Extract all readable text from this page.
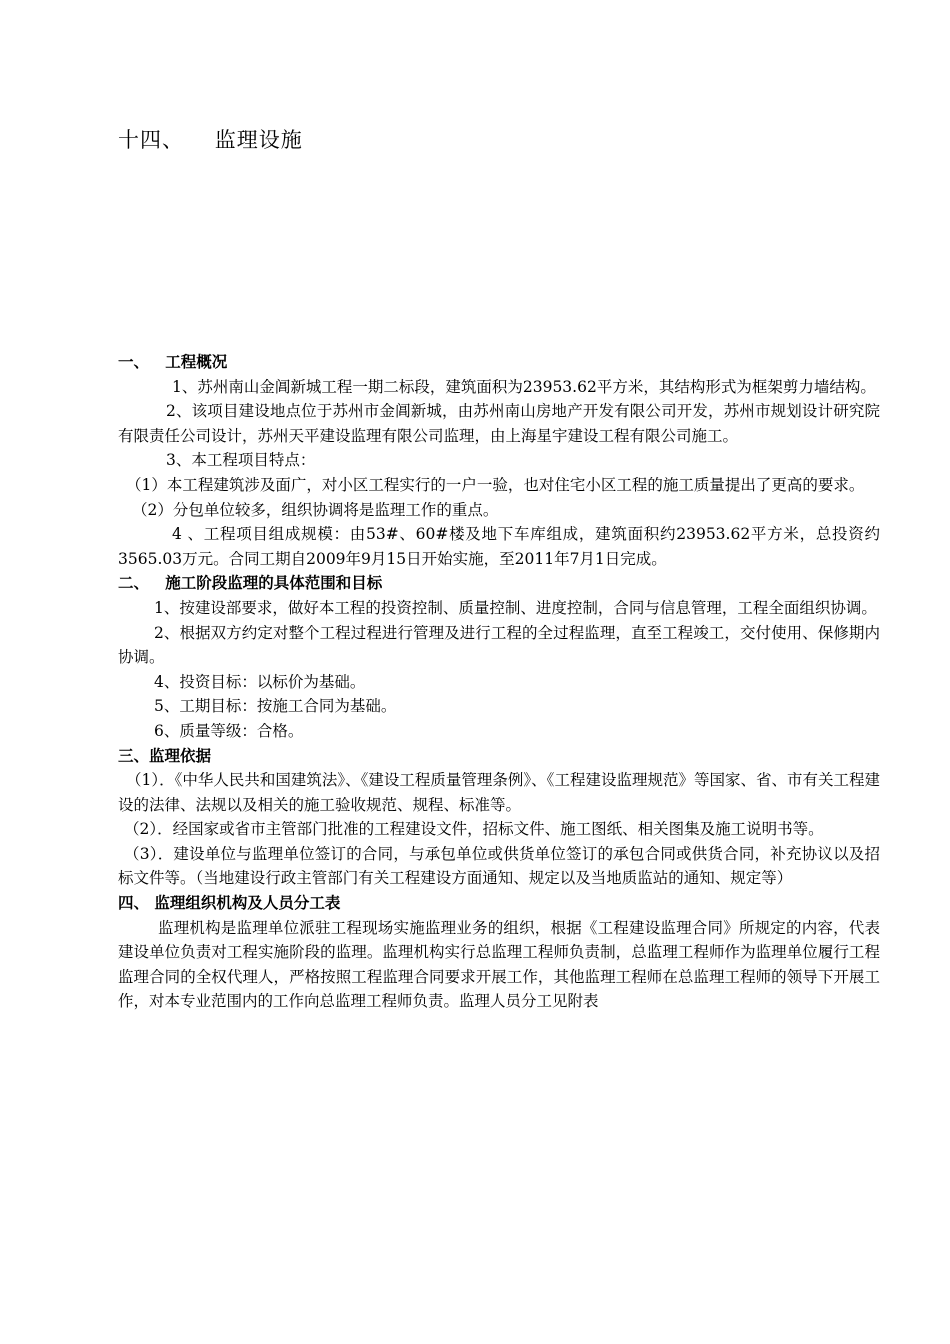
十四、    监理设施
一、   工程概况

1、苏州南山金阊新城工程一期二标段，建筑面积为23953.62平方米，其结构形式为框架剪力墙结构。

2、该项目建设地点位于苏州市金阊新城，由苏州南山房地产开发有限公司开发，苏州市规划设计研究院有限责任公司设计，苏州天平建设监理有限公司监理，由上海星宇建设工程有限公司施工。

3、本工程项目特点：

（1）本工程建筑涉及面广，对小区工程实行的一户一验，也对住宅小区工程的施工质量提出了更高的要求。

（2）分包单位较多，组织协调将是监理工作的重点。

4 、工程项目组成规模：由53#、60#楼及地下车库组成，建筑面积约23953.62平方米，总投资约3565.03万元。合同工期自2009年9月15日开始实施，至2011年7月1日完成。

二、   施工阶段监理的具体范围和目标

1、按建设部要求，做好本工程的投资控制、质量控制、进度控制，合同与信息管理，工程全面组织协调。

2、根据双方约定对整个工程过程进行管理及进行工程的全过程监理，直至工程竣工，交付使用、保修期内协调。

4、投资目标：以标价为基础。

5、工期目标：按施工合同为基础。

6、质量等级：合格。

三、监理依据

（1）．《中华人民共和国建筑法》、《建设工程质量管理条例》、《工程建设监理规范》等国家、省、市有关工程建设的法律、法规以及相关的施工验收规范、规程、标准等。

（2）．经国家或省市主管部门批准的工程建设文件，招标文件、施工图纸、相关图集及施工说明书等。

（3）．建设单位与监理单位签订的合同，与承包单位或供货单位签订的承包合同或供货合同，补充协议以及招标文件等。（当地建设行政主管部门有关工程建设方面通知、规定以及当地质监站的通知、规定等）

四、 监理组织机构及人员分工表

监理机构是监理单位派驻工程现场实施监理业务的组织，根据《工程建设监理合同》所规定的内容，代表建设单位负责对工程实施阶段的监理。监理机构实行总监理工程师负责制，总监理工程师作为监理单位履行工程监理合同的全权代理人，严格按照工程监理合同要求开展工作，其他监理工程师在总监理工程师的领导下开展工作，对本专业范围内的工作向总监理工程师负责。监理人员分工见附表
